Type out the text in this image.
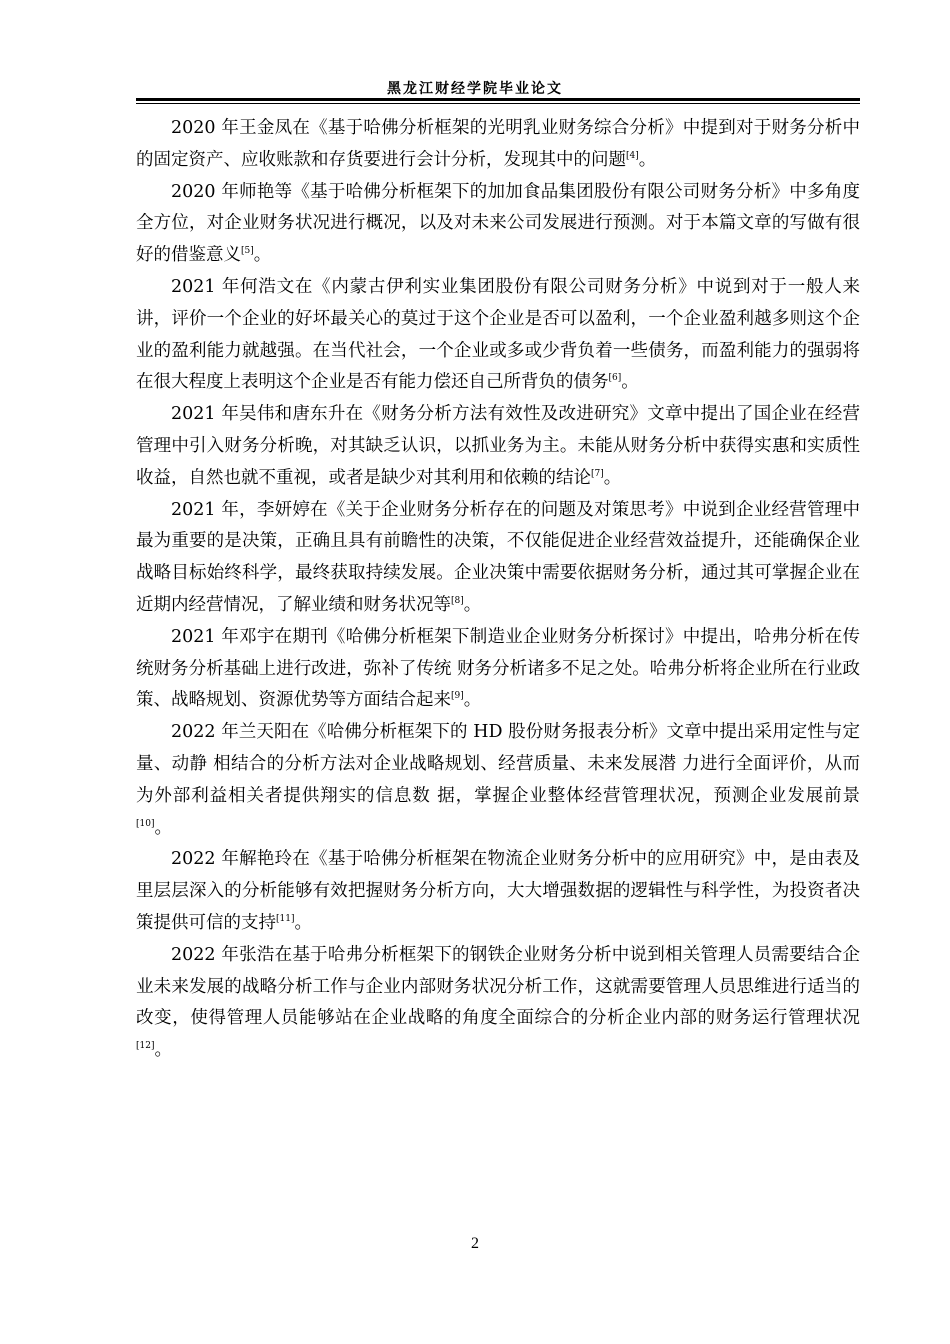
黑龙江财经学院毕业论文

2020 年王金凤在《基于哈佛分析框架的光明乳业财务综合分析》中提到对于财务分析中的固定资产、应收账款和存货要进行会计分析，发现其中的问题[4]。

2020 年师艳等《基于哈佛分析框架下的加加食品集团股份有限公司财务分析》中多角度全方位，对企业财务状况进行概况，以及对未来公司发展进行预测。对于本篇文章的写做有很好的借鉴意义[5]。

2021 年何浩文在《内蒙古伊利实业集团股份有限公司财务分析》中说到对于一般人来讲，评价一个企业的好坏最关心的莫过于这个企业是否可以盈利，一个企业盈利越多则这个企业的盈利能力就越强。在当代社会，一个企业或多或少背负着一些债务，而盈利能力的强弱将在很大程度上表明这个企业是否有能力偿还自己所背负的债务[6]。

2021 年吴伟和唐东升在《财务分析方法有效性及改进研究》文章中提出了国企业在经营管理中引入财务分析晚，对其缺乏认识，以抓业务为主。未能从财务分析中获得实惠和实质性收益，自然也就不重视，或者是缺少对其利用和依赖的结论[7]。

2021 年，李妍婷在《关于企业财务分析存在的问题及对策思考》中说到企业经营管理中最为重要的是决策，正确且具有前瞻性的决策，不仅能促进企业经营效益提升，还能确保企业战略目标始终科学，最终获取持续发展。企业决策中需要依据财务分析，通过其可掌握企业在近期内经营情况，了解业绩和财务状况等[8]。

2021 年邓宇在期刊《哈佛分析框架下制造业企业财务分析探讨》中提出，哈弗分析在传统财务分析基础上进行改进，弥补了传统 财务分析诸多不足之处。哈弗分析将企业所在行业政策、战略规划、资源优势等方面结合起来[9]。

2022 年兰天阳在《哈佛分析框架下的 HD 股份财务报表分析》文章中提出采用定性与定量、动静 相结合的分析方法对企业战略规划、经营质量、未来发展潜 力进行全面评价，从而为外部利益相关者提供翔实的信息数 据，掌握企业整体经营管理状况，预测企业发展前景[10]。

2022 年解艳玲在《基于哈佛分析框架在物流企业财务分析中的应用研究》中，是由表及里层层深入的分析能够有效把握财务分析方向，大大增强数据的逻辑性与科学性，为投资者决策提供可信的支持[11]。

2022 年张浩在基于哈弗分析框架下的钢铁企业财务分析中说到相关管理人员需要结合企业未来发展的战略分析工作与企业内部财务状况分析工作，这就需要管理人员思维进行适当的改变，使得管理人员能够站在企业战略的角度全面综合的分析企业内部的财务运行管理状况[12]。

2
